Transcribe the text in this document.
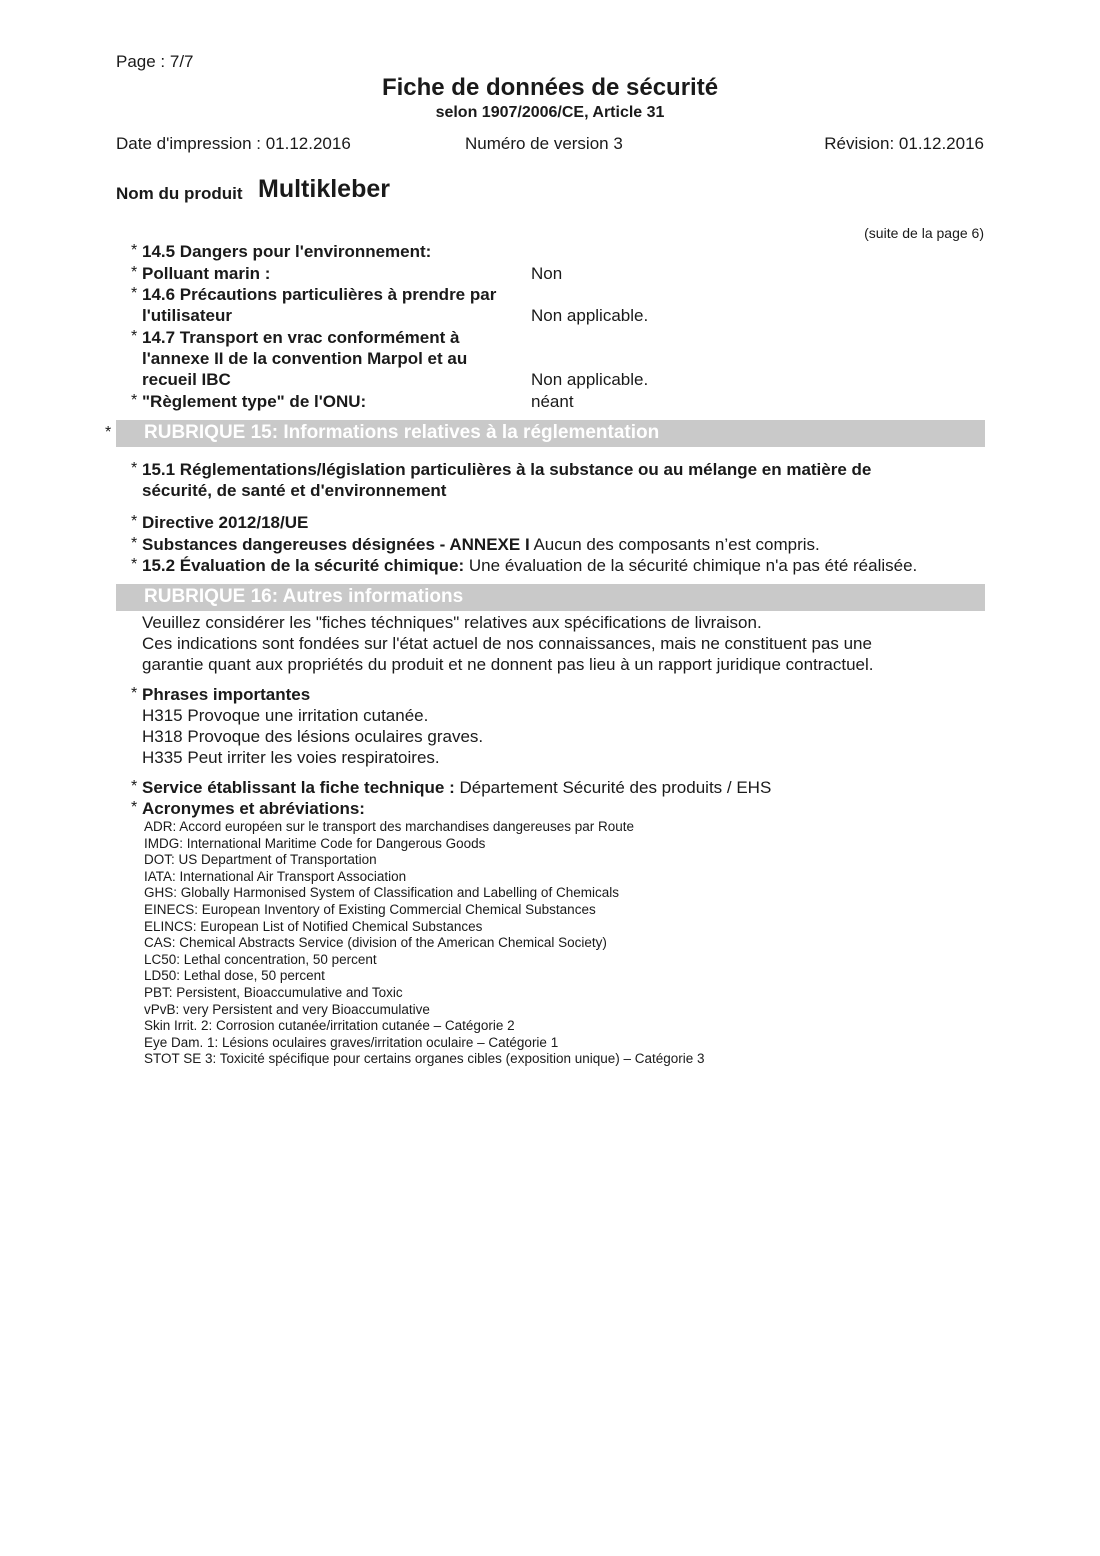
Page : 7/7
Fiche de données de sécurité
selon 1907/2006/CE, Article 31
Date d'impression : 01.12.2016	Numéro de version 3	Révision: 01.12.2016
Nom du produit Multikleber
(suite de la page 6)
* 14.5 Dangers pour l'environnement:
* Polluant marin :	Non
* 14.6 Précautions particulières à prendre par
l'utilisateur	Non applicable.
* 14.7 Transport en vrac conformément à
l'annexe II de la convention Marpol et au
recueil IBC	Non applicable.
* "Règlement type" de l'ONU:	néant
* RUBRIQUE 15: Informations relatives à la réglementation
* 15.1 Réglementations/législation particulières à la substance ou au mélange en matière de
sécurité, de santé et d'environnement
* Directive 2012/18/UE
* Substances dangereuses désignées - ANNEXE I Aucun des composants n’est compris.
* 15.2 Évaluation de la sécurité chimique: Une évaluation de la sécurité chimique n'a pas été réalisée.
RUBRIQUE 16: Autres informations
Veuillez considérer les "fiches téchniques" relatives aux spécifications de livraison.
Ces indications sont fondées sur l'état actuel de nos connaissances, mais ne constituent pas une
garantie quant aux propriétés du produit et ne donnent pas lieu à un rapport juridique contractuel.
* Phrases importantes
H315 Provoque une irritation cutanée.
H318 Provoque des lésions oculaires graves.
H335 Peut irriter les voies respiratoires.
* Service établissant la fiche technique : Département Sécurité des produits / EHS
* Acronymes et abréviations:
ADR: Accord européen sur le transport des marchandises dangereuses par Route
IMDG: International Maritime Code for Dangerous Goods
DOT: US Department of Transportation
IATA: International Air Transport Association
GHS: Globally Harmonised System of Classification and Labelling of Chemicals
EINECS: European Inventory of Existing Commercial Chemical Substances
ELINCS: European List of Notified Chemical Substances
CAS: Chemical Abstracts Service (division of the American Chemical Society)
LC50: Lethal concentration, 50 percent
LD50: Lethal dose, 50 percent
PBT: Persistent, Bioaccumulative and Toxic
vPvB: very Persistent and very Bioaccumulative
Skin Irrit. 2: Corrosion cutanée/irritation cutanée – Catégorie 2
Eye Dam. 1: Lésions oculaires graves/irritation oculaire – Catégorie 1
STOT SE 3: Toxicité spécifique pour certains organes cibles (exposition unique) – Catégorie 3
